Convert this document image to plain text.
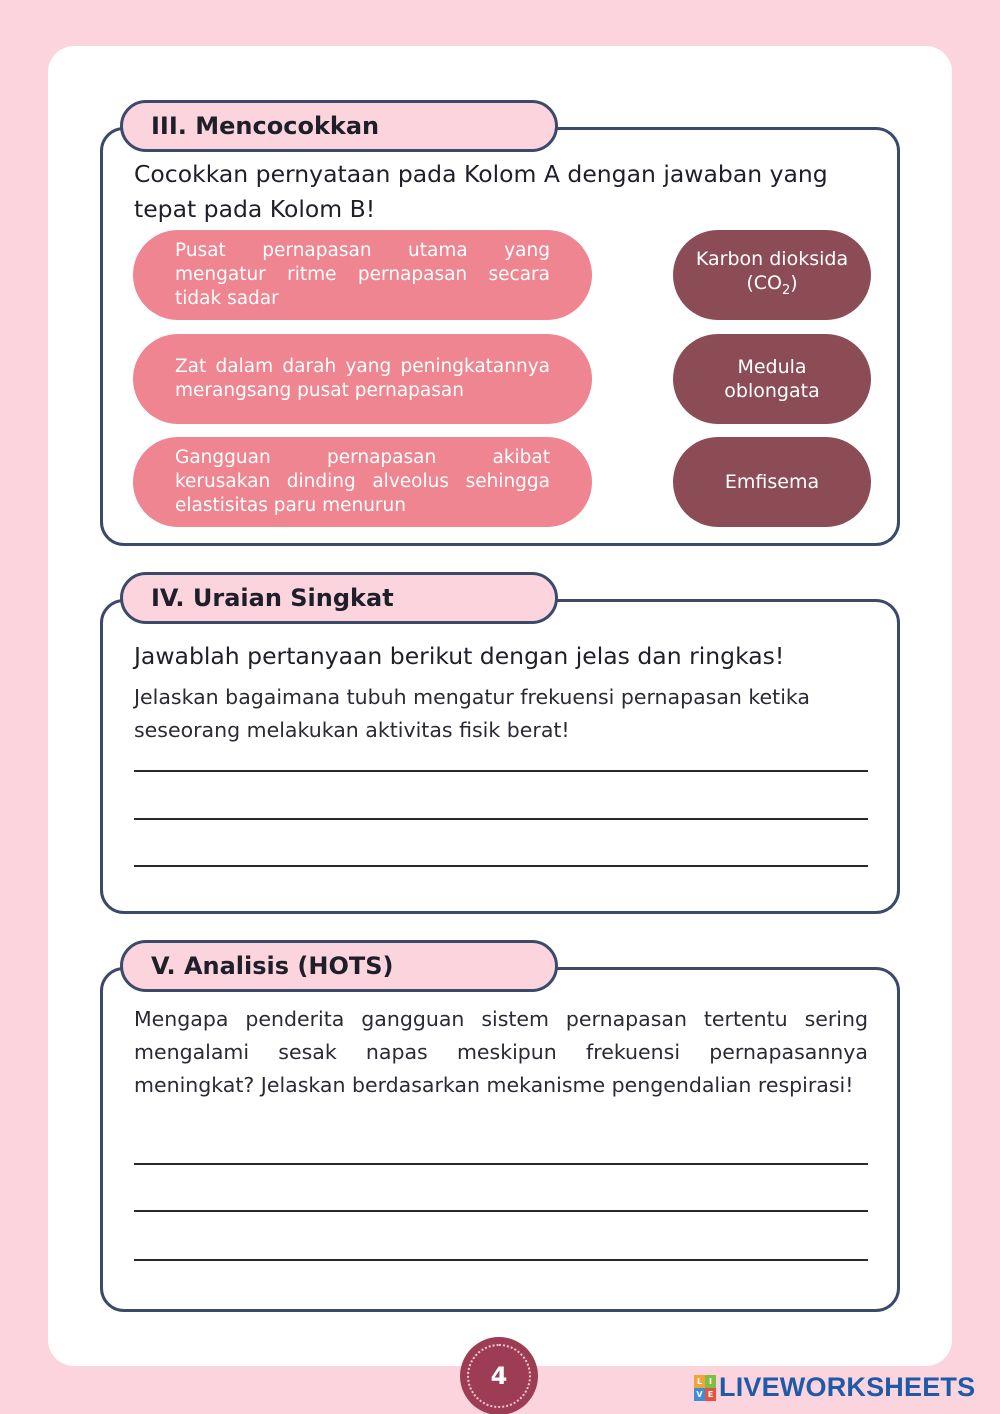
III. Mencocokkan
Cocokkan pernyataan pada Kolom A dengan jawaban yang tepat pada Kolom B!
Pusat pernapasan utama yang mengatur ritme pernapasan secara tidak sadar
Zat dalam darah yang peningkatannya merangsang pusat pernapasan
Gangguan pernapasan akibat kerusakan dinding alveolus sehingga elastisitas paru menurun
Karbon dioksida
$(CO_2)$
Medula
oblongata
Emfisema
IV. Uraian Singkat
Jawablah pertanyaan berikut dengan jelas dan ringkas!
Jelaskan bagaimana tubuh mengatur frekuensi pernapasan ketika seseorang melakukan aktivitas fisik berat!
V. Analisis (HOTS)
Mengapa penderita gangguan sistem pernapasan tertentu sering mengalami sesak napas meskipun frekuensi pernapasannya meningkat? Jelaskan berdasarkan mekanisme pengendalian respirasi!
4	L I
V E LIVEWORKSHEETS
